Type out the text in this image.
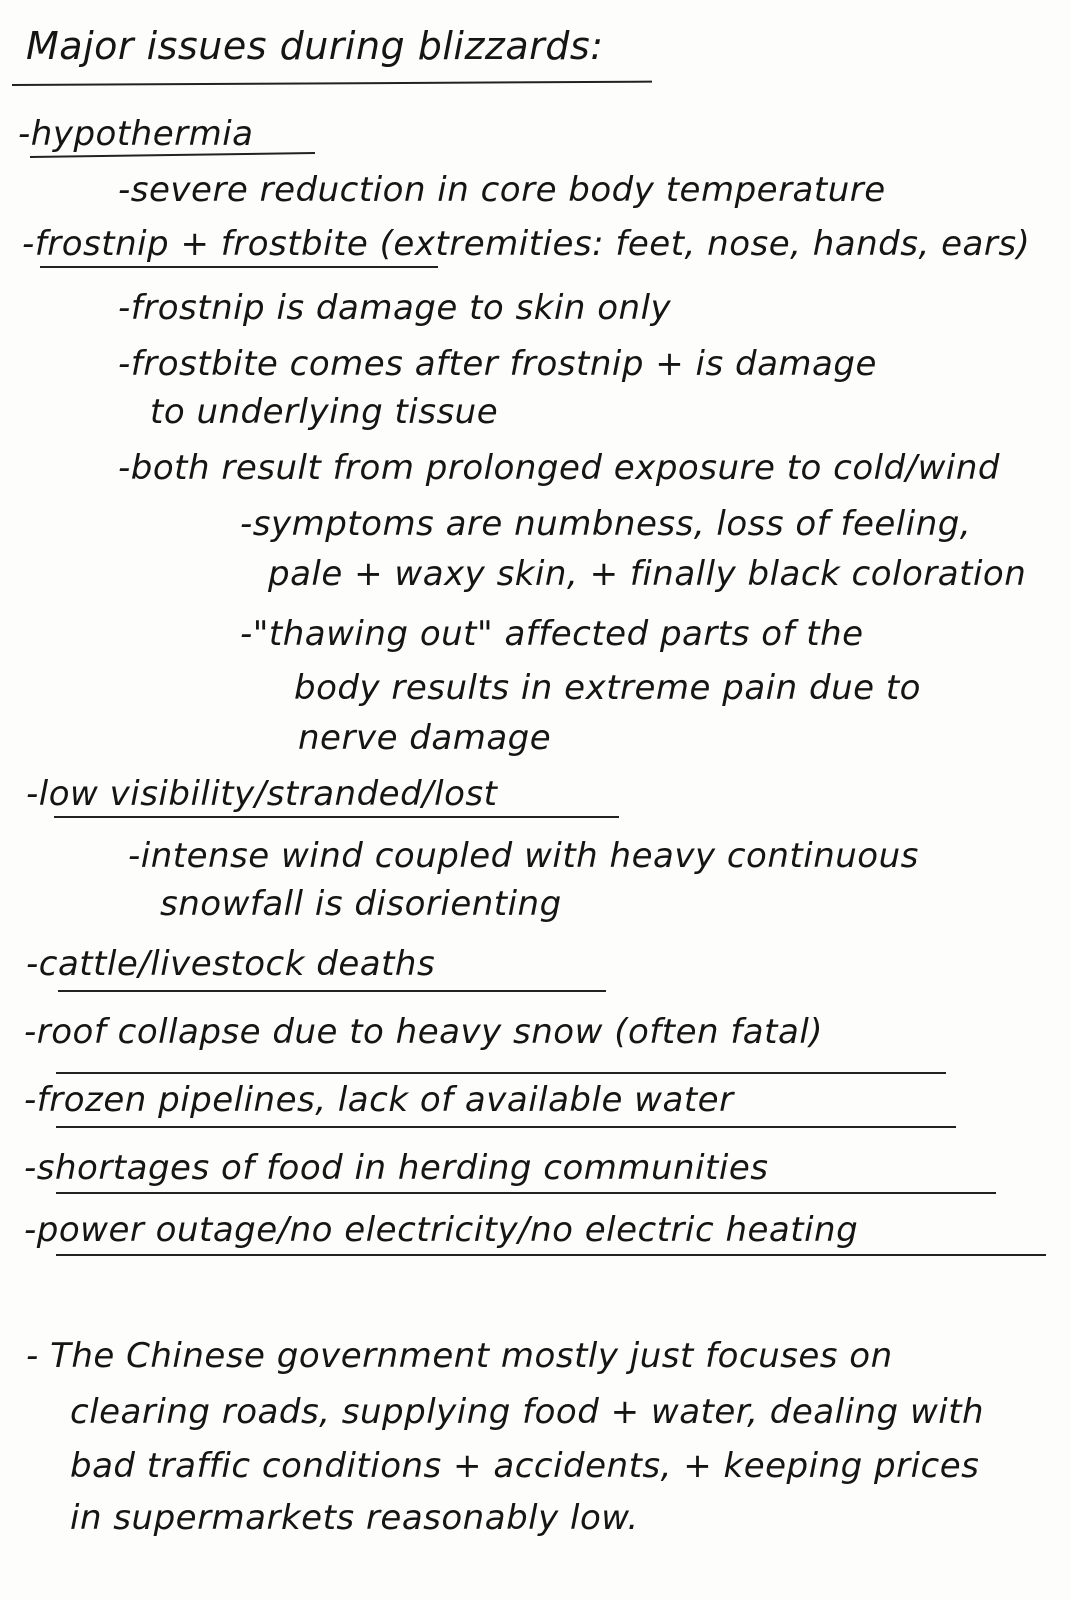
Major issues during blizzards:
-hypothermia
-severe reduction in core body temperature
-frostnip + frostbite (extremities: feet, nose, hands, ears)
-frostnip is damage to skin only
-frostbite comes after frostnip + is damage
to underlying tissue
-both result from prolonged exposure to cold/wind
-symptoms are numbness, loss of feeling,
pale + waxy skin, + finally black coloration
-"thawing out" affected parts of the
body results in extreme pain due to
nerve damage
-low visibility/stranded/lost
-intense wind coupled with heavy continuous
snowfall is disorienting
-cattle/livestock deaths
-roof collapse due to heavy snow (often fatal)
-frozen pipelines, lack of available water
-shortages of food in herding communities
-power outage/no electricity/no electric heating
- The Chinese government mostly just focuses on
clearing roads, supplying food + water, dealing with
bad traffic conditions + accidents, + keeping prices
in supermarkets reasonably low.
